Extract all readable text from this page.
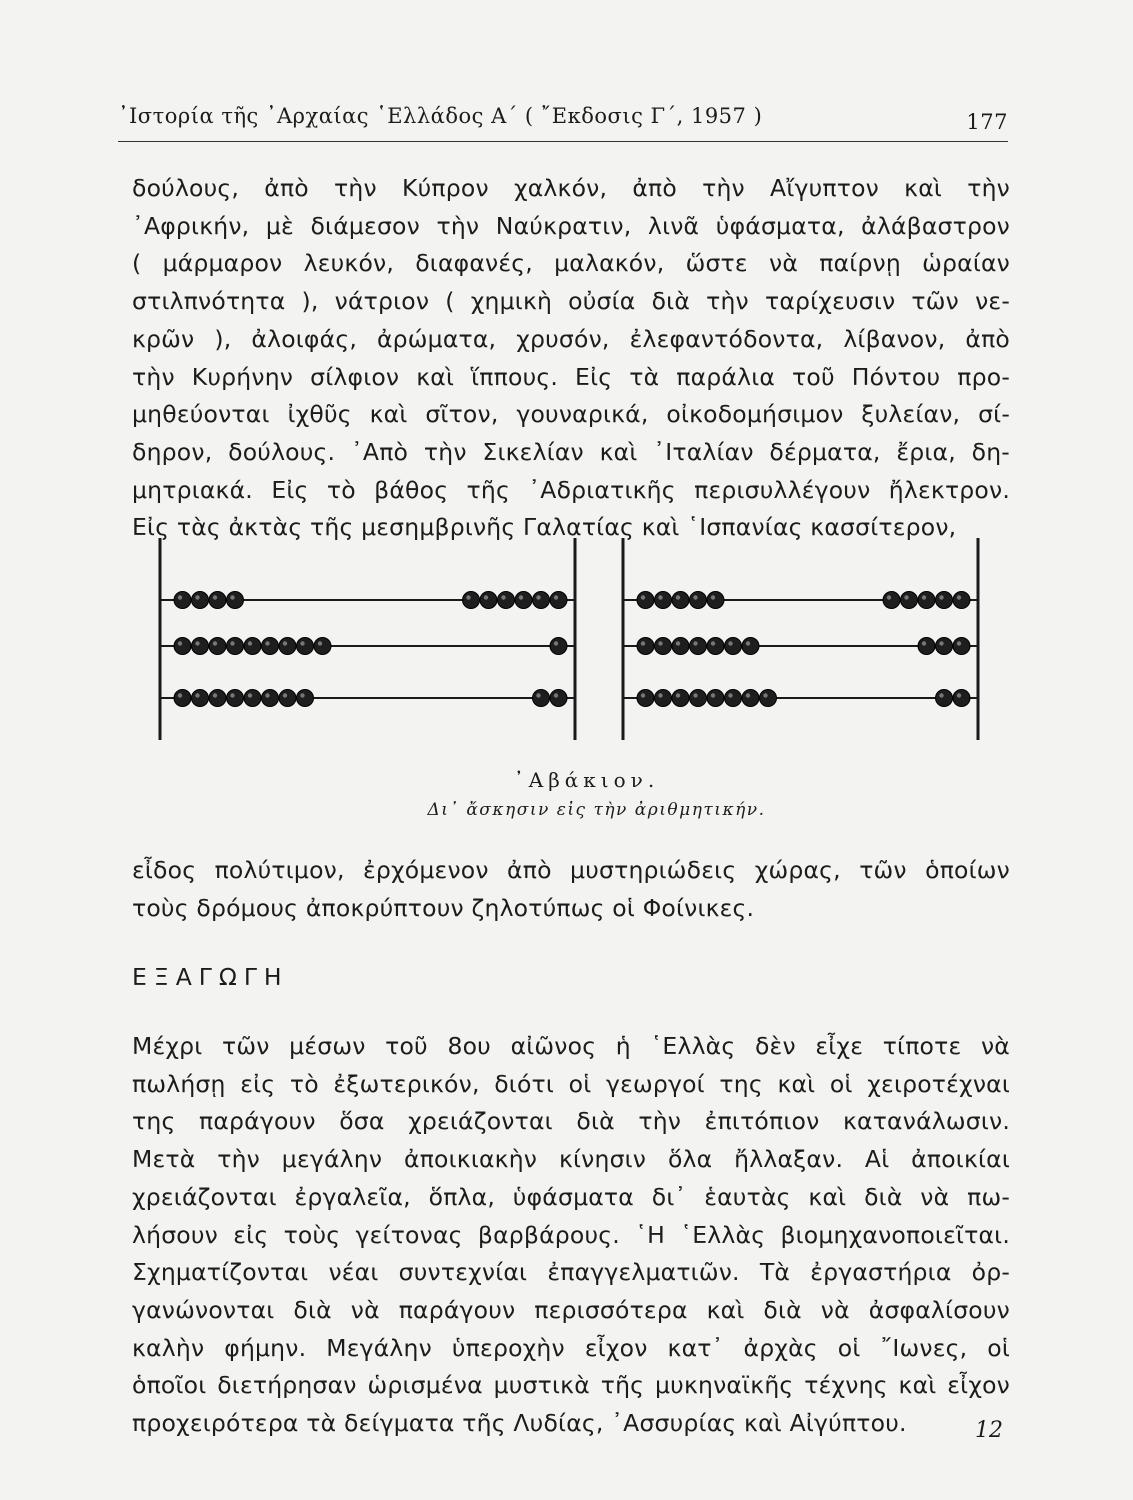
᾿Ιστορία τῆς ᾿Αρχαίας ῾Ελλάδος Α΄ ( ῎Εκδοσις Γ΄, 1957 )	177
δούλους, ἀπὸ τὴν Κύπρον χαλκόν, ἀπὸ τὴν Αἴγυπτον καὶ τὴν
᾿Αφρικήν, μὲ διάμεσον τὴν Ναύκρατιν, λινᾶ ὑφάσματα, ἀλάβαστρον
( μάρμαρον λευκόν, διαφανές, μαλακόν, ὥστε νὰ παίρνῃ ὡραίαν
στιλπνότητα ), νάτριον ( χημικὴ οὐσία διὰ τὴν ταρίχευσιν τῶν νε-
κρῶν ), ἀλοιφάς, ἀρώματα, χρυσόν, ἐλεφαντόδοντα, λίβανον, ἀπὸ
τὴν Κυρήνην σίλφιον καὶ ἵππους. Εἰς τὰ παράλια τοῦ Πόντου προ-
μηθεύονται ἰχθῦς καὶ σῖτον, γουναρικά, οἰκοδομήσιμον ξυλείαν, σί-
δηρον, δούλους. ᾿Απὸ τὴν Σικελίαν καὶ ᾿Ιταλίαν δέρματα, ἔρια, δη-
μητριακά. Εἰς τὸ βάθος τῆς ᾿Αδριατικῆς περισυλλέγουν ἤλεκτρον.
Εἰς τὰς ἀκτὰς τῆς μεσημβρινῆς Γαλατίας καὶ ῾Ισπανίας κασσίτερον,
᾿Αβάκιον.
Δι᾿ ἄσκησιν εἰς τὴν ἀριθμητικήν.
εἶδος πολύτιμον, ἐρχόμενον ἀπὸ μυστηριώδεις χώρας, τῶν ὁποίων
τοὺς δρόμους ἀποκρύπτουν ζηλοτύπως οἱ Φοίνικες.
ΕΞΑΓΩΓΗ
Μέχρι τῶν μέσων τοῦ 8ου αἰῶνος ἡ ῾Ελλὰς δὲν εἶχε τίποτε νὰ
πωλήσῃ εἰς τὸ ἐξωτερικόν, διότι οἱ γεωργοί της καὶ οἱ χειροτέχναι
της παράγουν ὅσα χρειάζονται διὰ τὴν ἐπιτόπιον κατανάλωσιν.
Μετὰ τὴν μεγάλην ἀποικιακὴν κίνησιν ὅλα ἤλλαξαν. Αἱ ἀποικίαι
χρειάζονται ἐργαλεῖα, ὅπλα, ὑφάσματα δι᾿ ἑαυτὰς καὶ διὰ νὰ πω-
λήσουν εἰς τοὺς γείτονας βαρβάρους. ῾Η ῾Ελλὰς βιομηχανοποιεῖται.
Σχηματίζονται νέαι συντεχνίαι ἐπαγγελματιῶν. Τὰ ἐργαστήρια ὀρ-
γανώνονται διὰ νὰ παράγουν περισσότερα καὶ διὰ νὰ ἀσφαλίσουν
καλὴν φήμην. Μεγάλην ὑπεροχὴν εἶχον κατ᾿ ἀρχὰς οἱ ῎Ιωνες, οἱ
ὁποῖοι διετήρησαν ὡρισμένα μυστικὰ τῆς μυκηναϊκῆς τέχνης καὶ εἶχον
προχειρότερα τὰ δείγματα τῆς Λυδίας, ᾿Ασσυρίας καὶ Αἰγύπτου.	12
